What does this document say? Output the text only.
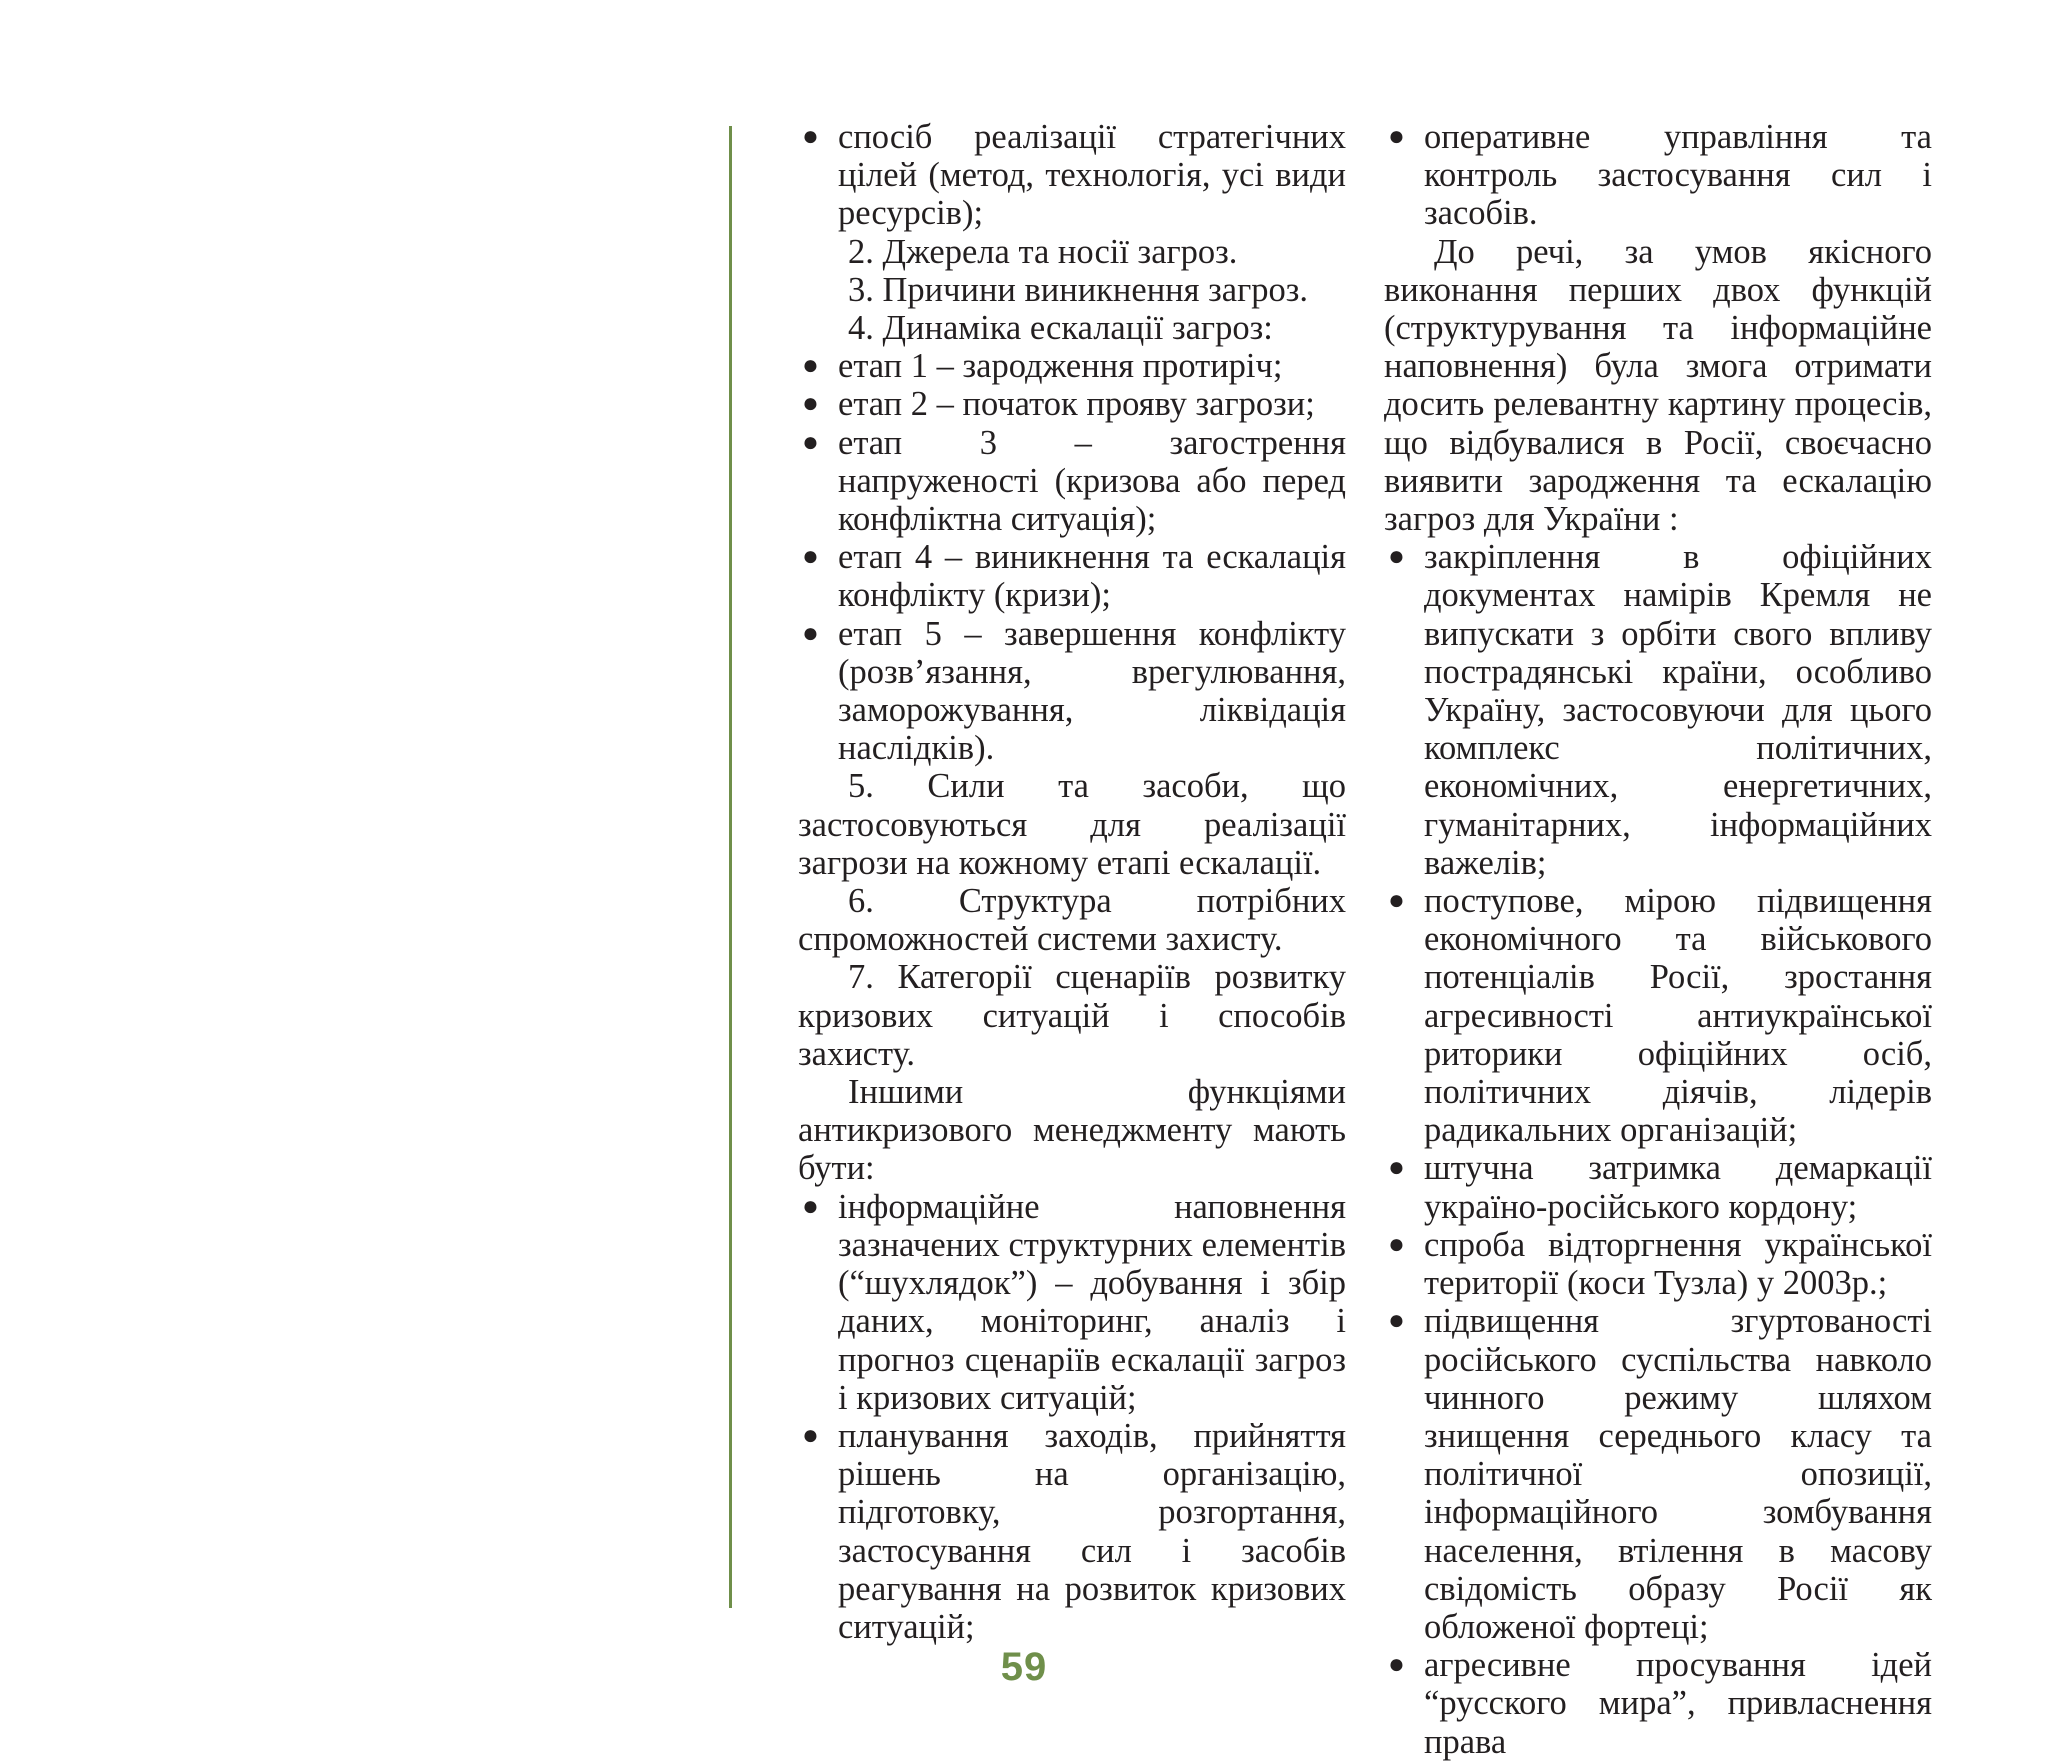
● спосіб реалізації стратегічних цілей (метод, технологія, усі види ресурсів);

2. Джерела та носії загроз.

3. Причини виникнення загроз.

4. Динаміка ескалації загроз:

● етап 1 – зародження протиріч;
● етап 2 – початок прояву загрози;
● етап 3 – загострення напруженості (кризова або перед конфліктна ситуація);
● етап 4 – виникнення та ескалація конфлікту (кризи);
● етап 5 – завершення конфлікту (розв’язання, врегулювання, заморожування, ліквідація наслідків).

5. Сили та засоби, що застосовуються для реалізації загрози на кожному етапі ескалації.

6. Структура потрібних спроможностей системи захисту.

7. Категорії сценаріїв розвитку кризових ситуацій і способів захисту.

Іншими функціями антикризового менеджменту мають бути:

● інформаційне наповнення зазначених структурних елементів (“шухлядок”) – добування і збір даних, моніторинг, аналіз і прогноз сценаріїв ескалації загроз і кризових ситуацій;
● планування заходів, прийняття рішень на організацію, підготовку, розгортання, застосування сил і засобів реагування на розвиток кризових ситуацій;
● оперативне управління та контроль застосування сил і засобів.

До речі, за умов якісного виконання перших двох функцій (структурування та інформаційне наповнення) була змога отримати досить релевантну картину процесів, що відбувалися в Росії, своєчасно виявити зародження та ескалацію загроз для України :

● закріплення в офіційних документах намірів Кремля не випускати з орбіти свого впливу пострадянські країни, особливо Україну, застосовуючи для цього комплекс політичних, економічних, енергетичних, гуманітарних, інформаційних важелів;
● поступове, мірою підвищення економічного та військового потенціалів Росії, зростання агресивності антиукраїнської риторики офіційних осіб, політичних діячів, лідерів радикальних організацій;
● штучна затримка демаркації україно-російського кордону;
● спроба відторгнення української території (коси Тузла) у 2003р.;
● підвищення згуртованості російського суспільства навколо чинного режиму шляхом знищення середнього класу та політичної опозиції, інформаційного зомбування населення, втілення в масову свідомість образу Росії як обложеної фортеці;
● агресивне просування ідей “русского мира”, привласнення права
59
